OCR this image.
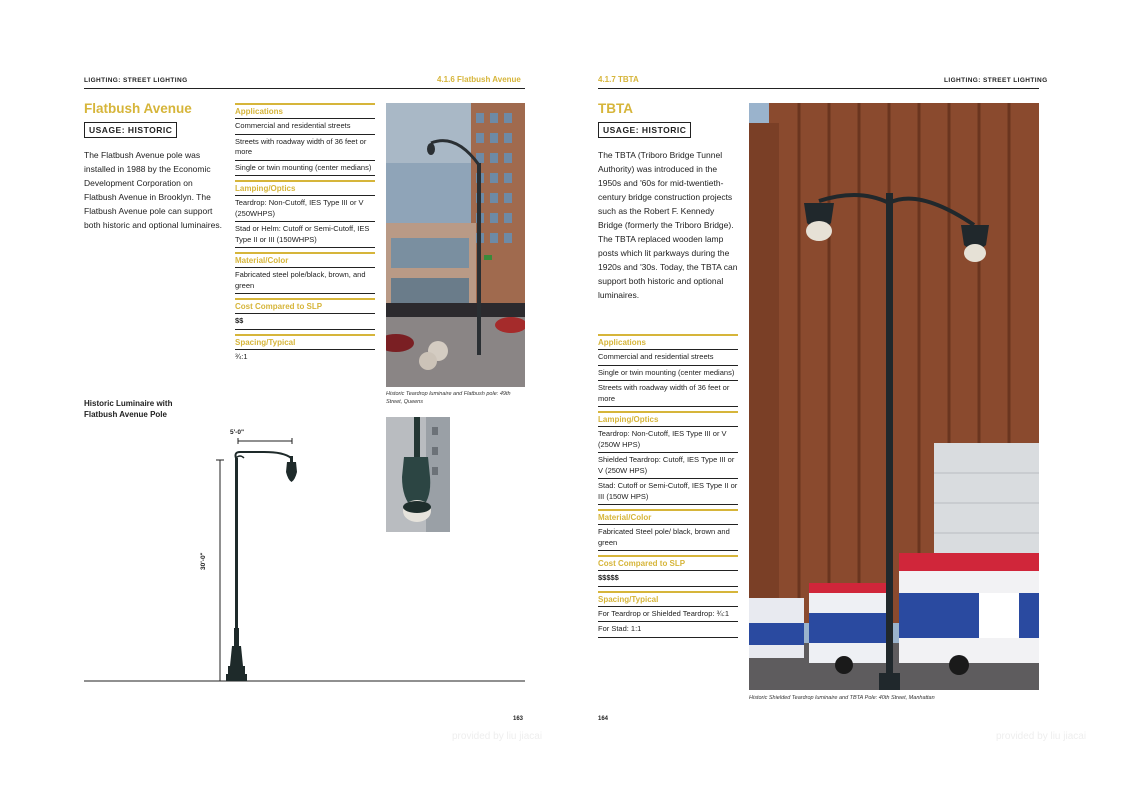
LIGHTING: STREET LIGHTING	4.1.6 Flatbush Avenue
Flatbush Avenue
USAGE: HISTORIC
The Flatbush Avenue pole was installed in 1988 by the Economic Development Corporation on Flatbush Avenue in Brooklyn. The Flatbush Avenue pole can support both historic and optional luminaires.
Applications
Commercial and residential streets
Streets with roadway width of 36 feet or more
Single or twin mounting (center medians)
Lamping/Optics
Teardrop: Non-Cutoff, IES Type III or V (250WHPS)
Stad or Helm: Cutoff or Semi-Cutoff, IES Type II or III (150WHPS)
Material/Color
Fabricated steel pole/black, brown, and green
Cost Compared to SLP
$$
Spacing/Typical
¾:1
Historic Teardrop luminaire and Flatbush pole: 49th Street, Queens
Historic Luminaire with Flatbush Avenue Pole
5'-0"
30'-0"
163
provided by liu jiacai
4.1.7 TBTA	LIGHTING: STREET LIGHTING
TBTA
USAGE: HISTORIC
The TBTA (Triboro Bridge Tunnel Authority) was introduced in the 1950s and '60s for mid-twentieth-century bridge construction projects such as the Robert F. Kennedy Bridge (formerly the Triboro Bridge). The TBTA replaced wooden lamp posts which lit parkways during the 1920s and '30s. Today, the TBTA can support both historic and optional luminaires.
Applications
Commercial and residential streets
Single or twin mounting (center medians)
Streets with roadway width of 36 feet or more
Lamping/Optics
Teardrop: Non-Cutoff, IES Type III or V (250W HPS)
Shielded Teardrop: Cutoff, IES Type III or V (250W HPS)
Stad: Cutoff or Semi-Cutoff, IES Type II or III (150W HPS)
Material/Color
Fabricated Steel pole/ black, brown and green
Cost Compared to SLP
$$$$$
Spacing/Typical
For Teardrop or Shielded Teardrop: ¾:1
For Stad: 1:1
Historic Shielded Teardrop luminaire and TBTA Pole: 40th Street, Manhattan
164
provided by liu jiacai
